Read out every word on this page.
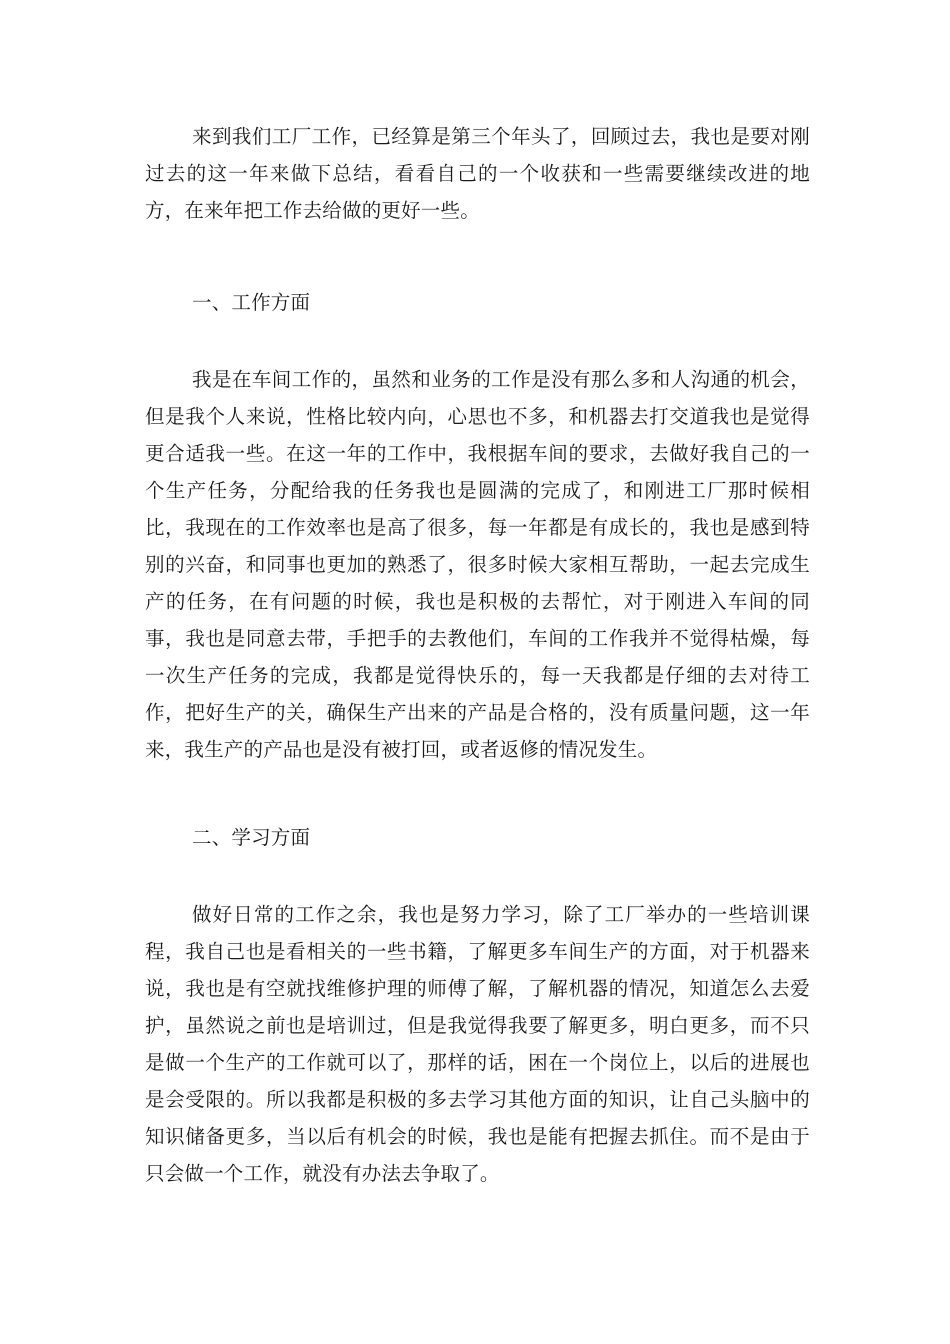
来到我们工厂工作，已经算是第三个年头了，回顾过去，我也是要对刚过去的这一年来做下总结，看看自己的一个收获和一些需要继续改进的地方，在来年把工作去给做的更好一些。

一、工作方面

我是在车间工作的，虽然和业务的工作是没有那么多和人沟通的机会，但是我个人来说，性格比较内向，心思也不多，和机器去打交道我也是觉得更合适我一些。在这一年的工作中，我根据车间的要求，去做好我自己的一个生产任务，分配给我的任务我也是圆满的完成了，和刚进工厂那时候相比，我现在的工作效率也是高了很多，每一年都是有成长的，我也是感到特别的兴奋，和同事也更加的熟悉了，很多时候大家相互帮助，一起去完成生产的任务，在有问题的时候，我也是积极的去帮忙，对于刚进入车间的同事，我也是同意去带，手把手的去教他们，车间的工作我并不觉得枯燥，每一次生产任务的完成，我都是觉得快乐的，每一天我都是仔细的去对待工作，把好生产的关，确保生产出来的产品是合格的，没有质量问题，这一年来，我生产的产品也是没有被打回，或者返修的情况发生。

二、学习方面

做好日常的工作之余，我也是努力学习，除了工厂举办的一些培训课程，我自己也是看相关的一些书籍，了解更多车间生产的方面，对于机器来说，我也是有空就找维修护理的师傅了解，了解机器的情况，知道怎么去爱护，虽然说之前也是培训过，但是我觉得我要了解更多，明白更多，而不只是做一个生产的工作就可以了，那样的话，困在一个岗位上，以后的进展也是会受限的。所以我都是积极的多去学习其他方面的知识，让自己头脑中的知识储备更多，当以后有机会的时候，我也是能有把握去抓住。而不是由于只会做一个工作，就没有办法去争取了。
